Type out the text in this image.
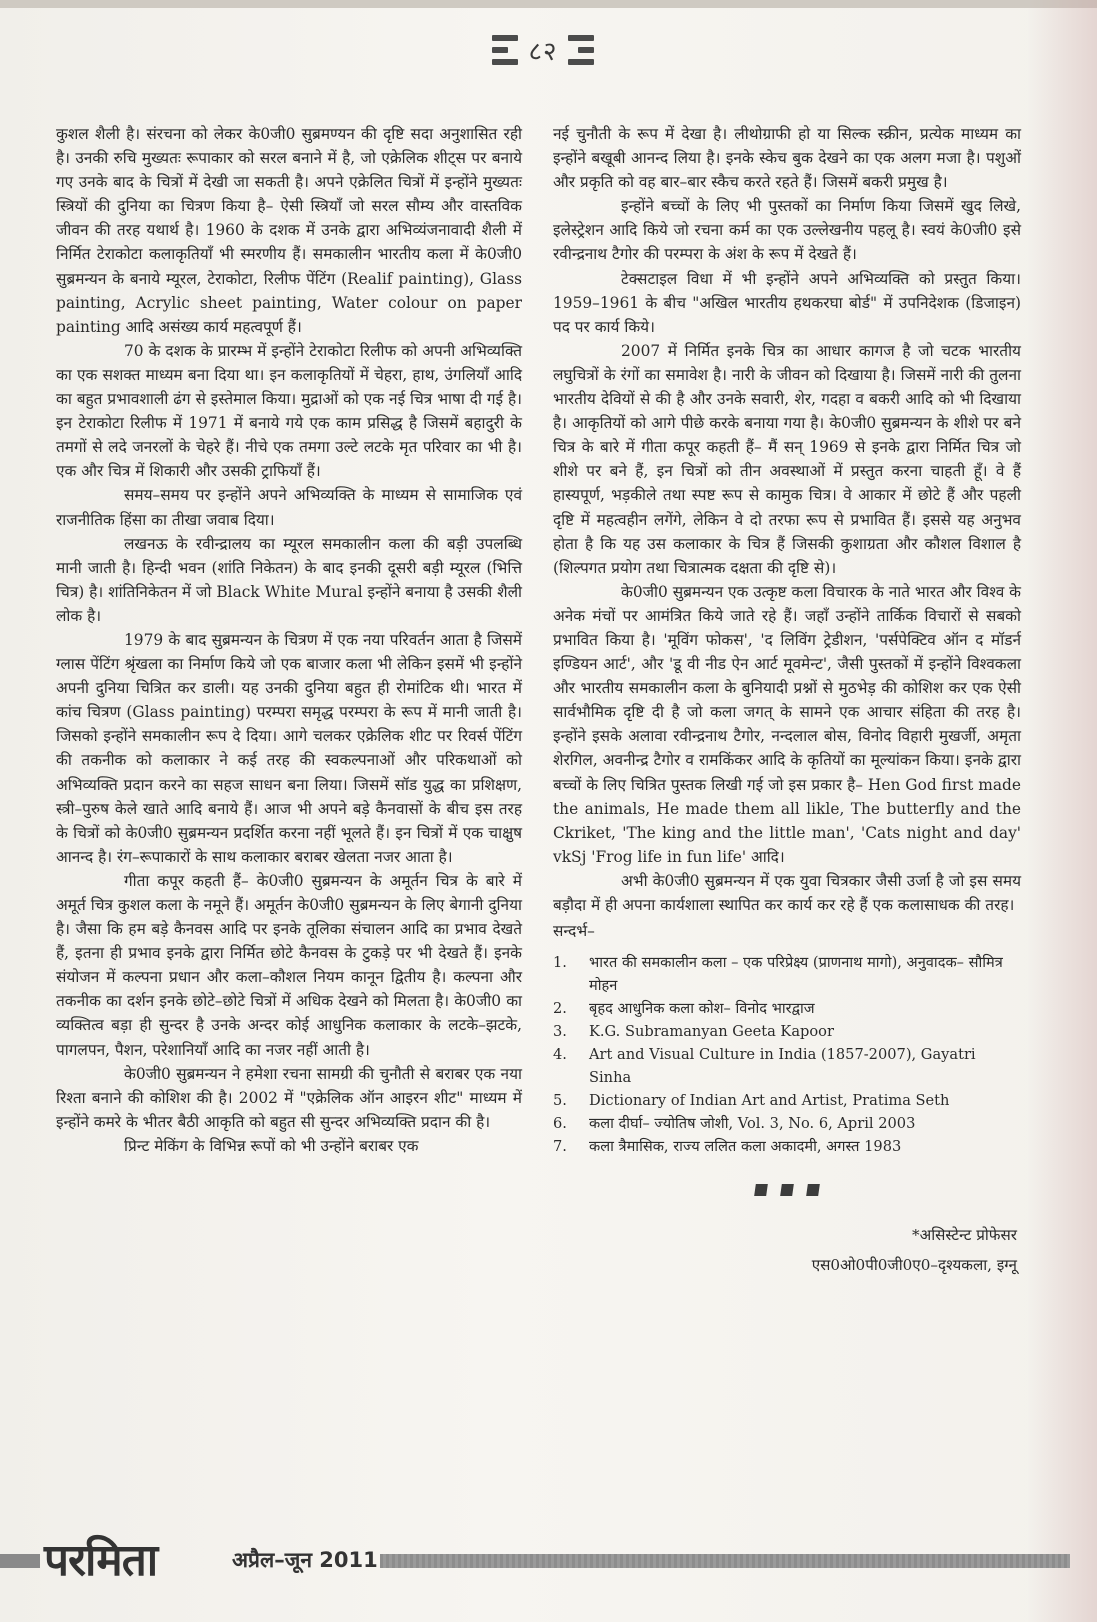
८२

कुशल शैली है। संरचना को लेकर के0जी0 सुब्रमण्यन की दृष्टि सदा अनुशासित रही है। उनकी रुचि मुख्यतः रूपाकार को सरल बनाने में है, जो एक्रेलिक शीट्स पर बनाये गए उनके बाद के चित्रों में देखी जा सकती है। अपने एक्रेलित चित्रों में इन्होंने मुख्यतः स्त्रियों की दुनिया का चित्रण किया है– ऐसी स्त्रियाँ जो सरल सौम्य और वास्तविक जीवन की तरह यथार्थ है। 1960 के दशक में उनके द्वारा अभिव्यंजनावादी शैली में निर्मित टेराकोटा कलाकृतियाँ भी स्मरणीय हैं। समकालीन भारतीय कला में के0जी0 सुब्रमन्यन के बनाये म्यूरल, टेराकोटा, रिलीफ पेंटिंग (Realif painting), Glass painting, Acrylic sheet painting, Water colour on paper painting आदि असंख्य कार्य महत्वपूर्ण हैं।

70 के दशक के प्रारम्भ में इन्होंने टेराकोटा रिलीफ को अपनी अभिव्यक्ति का एक सशक्त माध्यम बना दिया था। इन कलाकृतियों में चेहरा, हाथ, उंगलियाँ आदि का बहुत प्रभावशाली ढंग से इस्तेमाल किया। मुद्राओं को एक नई चित्र भाषा दी गई है। इन टेराकोटा रिलीफ में 1971 में बनाये गये एक काम प्रसिद्ध है जिसमें बहादुरी के तमगों से लदे जनरलों के चेहरे हैं। नीचे एक तमगा उल्टे लटके मृत परिवार का भी है। एक और चित्र में शिकारी और उसकी ट्राफियाँ हैं।

समय–समय पर इन्होंने अपने अभिव्यक्ति के माध्यम से सामाजिक एवं राजनीतिक हिंसा का तीखा जवाब दिया।

लखनऊ के रवीन्द्रालय का म्यूरल समकालीन कला की बड़ी उपलब्धि मानी जाती है। हिन्दी भवन (शांति निकेतन) के बाद इनकी दूसरी बड़ी म्यूरल (भित्ति चित्र) है। शांतिनिकेतन में जो Black White Mural इन्होंने बनाया है उसकी शैली लोक है।

1979 के बाद सुब्रमन्यन के चित्रण में एक नया परिवर्तन आता है जिसमें ग्लास पेंटिंग श्रृंखला का निर्माण किये जो एक बाजार कला भी लेकिन इसमें भी इन्होंने अपनी दुनिया चित्रित कर डाली। यह उनकी दुनिया बहुत ही रोमांटिक थी। भारत में कांच चित्रण (Glass painting) परम्परा समृद्ध परम्परा के रूप में मानी जाती है। जिसको इन्होंने समकालीन रूप दे दिया। आगे चलकर एक्रेलिक शीट पर रिवर्स पेंटिंग की तकनीक को कलाकार ने कई तरह की स्वकल्पनाओं और परिकथाओं को अभिव्यक्ति प्रदान करने का सहज साधन बना लिया। जिसमें सॉड युद्ध का प्रशिक्षण, स्त्री–पुरुष केले खाते आदि बनाये हैं। आज भी अपने बड़े कैनवासों के बीच इस तरह के चित्रों को के0जी0 सुब्रमन्यन प्रदर्शित करना नहीं भूलते हैं। इन चित्रों में एक चाक्षुष आनन्द है। रंग–रूपाकारों के साथ कलाकार बराबर खेलता नजर आता है।

गीता कपूर कहती हैं– के0जी0 सुब्रमन्यन के अमूर्तन चित्र के बारे में अमूर्त चित्र कुशल कला के नमूने हैं। अमूर्तन के0जी0 सुब्रमन्यन के लिए बेगानी दुनिया है। जैसा कि हम बड़े कैनवस आदि पर इनके तूलिका संचालन आदि का प्रभाव देखते हैं, इतना ही प्रभाव इनके द्वारा निर्मित छोटे कैनवस के टुकड़े पर भी देखते हैं। इनके संयोजन में कल्पना प्रधान और कला–कौशल नियम कानून द्वितीय है। कल्पना और तकनीक का दर्शन इनके छोटे–छोटे चित्रों में अधिक देखने को मिलता है। के0जी0 का व्यक्तित्व बड़ा ही सुन्दर है उनके अन्दर कोई आधुनिक कलाकार के लटके–झटके, पागलपन, पैशन, परेशानियाँ आदि का नजर नहीं आती है।

के0जी0 सुब्रमन्यन ने हमेशा रचना सामग्री की चुनौती से बराबर एक नया रिश्ता बनाने की कोशिश की है। 2002 में "एक्रेलिक ऑन आइरन शीट" माध्यम में इन्होंने कमरे के भीतर बैठी आकृति को बहुत सी सुन्दर अभिव्यक्ति प्रदान की है।

प्रिन्ट मेकिंग के विभिन्न रूपों को भी उन्होंने बराबर एक

नई चुनौती के रूप में देखा है। लीथोग्राफी हो या सिल्क स्क्रीन, प्रत्येक माध्यम का इन्होंने बखूबी आनन्द लिया है। इनके स्केच बुक देखने का एक अलग मजा है। पशुओं और प्रकृति को वह बार–बार स्कैच करते रहते हैं। जिसमें बकरी प्रमुख है।

इन्होंने बच्चों के लिए भी पुस्तकों का निर्माण किया जिसमें खुद लिखे, इलेस्ट्रेशन आदि किये जो रचना कर्म का एक उल्लेखनीय पहलू है। स्वयं के0जी0 इसे रवीन्द्रनाथ टैगोर की परम्परा के अंश के रूप में देखते हैं।

टेक्सटाइल विधा में भी इन्होंने अपने अभिव्यक्ति को प्रस्तुत किया। 1959–1961 के बीच "अखिल भारतीय हथकरघा बोर्ड" में उपनिदेशक (डिजाइन) पद पर कार्य किये।

2007 में निर्मित इनके चित्र का आधार कागज है जो चटक भारतीय लघुचित्रों के रंगों का समावेश है। नारी के जीवन को दिखाया है। जिसमें नारी की तुलना भारतीय देवियों से की है और उनके सवारी, शेर, गदहा व बकरी आदि को भी दिखाया है। आकृतियों को आगे पीछे करके बनाया गया है। के0जी0 सुब्रमन्यन के शीशे पर बने चित्र के बारे में गीता कपूर कहती हैं– मैं सन् 1969 से इनके द्वारा निर्मित चित्र जो शीशे पर बने हैं, इन चित्रों को तीन अवस्थाओं में प्रस्तुत करना चाहती हूँ। वे हैं हास्यपूर्ण, भड़कीले तथा स्पष्ट रूप से कामुक चित्र। वे आकार में छोटे हैं और पहली दृष्टि में महत्वहीन लगेंगे, लेकिन वे दो तरफा रूप से प्रभावित हैं। इससे यह अनुभव होता है कि यह उस कलाकार के चित्र हैं जिसकी कुशाग्रता और कौशल विशाल है (शिल्पगत प्रयोग तथा चित्रात्मक दक्षता की दृष्टि से)।

के0जी0 सुब्रमन्यन एक उत्कृष्ट कला विचारक के नाते भारत और विश्व के अनेक मंचों पर आमंत्रित किये जाते रहे हैं। जहाँ उन्होंने तार्किक विचारों से सबको प्रभावित किया है। 'मूविंग फोकस', 'द लिविंग ट्रेडीशन, 'पर्सपेक्टिव ऑन द मॉडर्न इण्डियन आर्ट', और 'डू वी नीड ऐन आर्ट मूवमेन्ट', जैसी पुस्तकों में इन्होंने विश्वकला और भारतीय समकालीन कला के बुनियादी प्रश्नों से मुठभेड़ की कोशिश कर एक ऐसी सार्वभौमिक दृष्टि दी है जो कला जगत् के सामने एक आचार संहिता की तरह है। इन्होंने इसके अलावा रवीन्द्रनाथ टैगोर, नन्दलाल बोस, विनोद विहारी मुखर्जी, अमृता शेरगिल, अवनीन्द्र टैगोर व रामकिंकर आदि के कृतियों का मूल्यांकन किया। इनके द्वारा बच्चों के लिए चित्रित पुस्तक लिखी गई जो इस प्रकार है– Hen God first made the animals, He made them all likle, The butterfly and the Ckriket, 'The king and the little man', 'Cats night and day' vkSj 'Frog life in fun life' आदि।

अभी के0जी0 सुब्रमन्यन में एक युवा चित्रकार जैसी उर्जा है जो इस समय बड़ौदा में ही अपना कार्यशाला स्थापित कर कार्य कर रहे हैं एक कलासाधक की तरह।

सन्दर्भ–

1.	भारत की समकालीन कला – एक परिप्रेक्ष्य (प्राणनाथ मागो), अनुवादक– सौमित्र मोहन
2.	बृहद आधुनिक कला कोश– विनोद भारद्वाज
3.	K.G. Subramanyan Geeta Kapoor
4.	Art and Visual Culture in India (1857-2007), Gayatri Sinha
5.	Dictionary of Indian Art and Artist, Pratima Seth
6.	कला दीर्घा– ज्योतिष जोशी, Vol. 3, No. 6, April 2003
7.	कला त्रैमासिक, राज्य ललित कला अकादमी, अगस्त 1983
*असिस्टेन्ट प्रोफेसर
एस0ओ0पी0जी0ए0–दृश्यकला, इग्नू
परमिता	अप्रैल–जून 2011
